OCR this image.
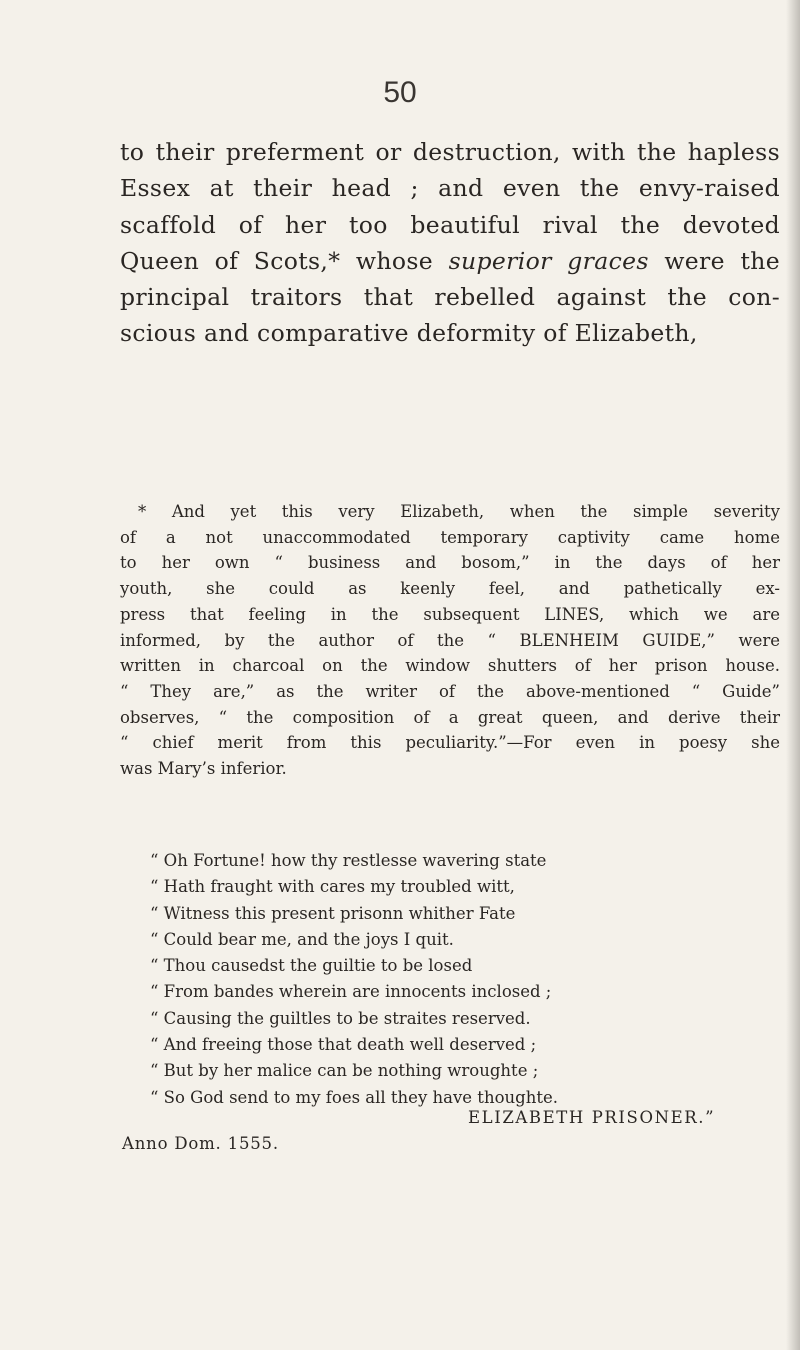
50
to their preferment or destruction, with the hapless
Essex at their head ; and even the envy-raised
scaffold of her too beautiful rival the devoted
Queen of Scots,* whose superior graces were the
principal traitors that rebelled against the con-
scious and comparative deformity of Elizabeth,
* And yet this very Elizabeth, when the simple severity
of a not unaccommodated temporary captivity came home
to her own “ business and bosom,” in the days of her
youth, she could as keenly feel, and pathetically ex-
press that feeling in the subsequent LINES, which we are
informed, by the author of the “ BLENHEIM GUIDE,” were
written in charcoal on the window shutters of her prison house.
“ They are,” as the writer of the above-mentioned “ Guide”
observes, “ the composition of a great queen, and derive their
“ chief merit from this peculiarity.”—For even in poesy she
was Mary’s inferior.
“ Oh Fortune! how thy restlesse wavering state
“ Hath fraught with cares my troubled witt,
“ Witness this present prisonn whither Fate
“ Could bear me, and the joys I quit.
“ Thou causedst the guiltie to be losed
“ From bandes wherein are innocents inclosed ;
“ Causing the guiltles to be straites reserved.
“ And freeing those that death well deserved ;
“ But by her malice can be nothing wroughte ;
“ So God send to my foes all they have thoughte.
ELIZABETH PRISONER.”
Anno Dom. 1555.
